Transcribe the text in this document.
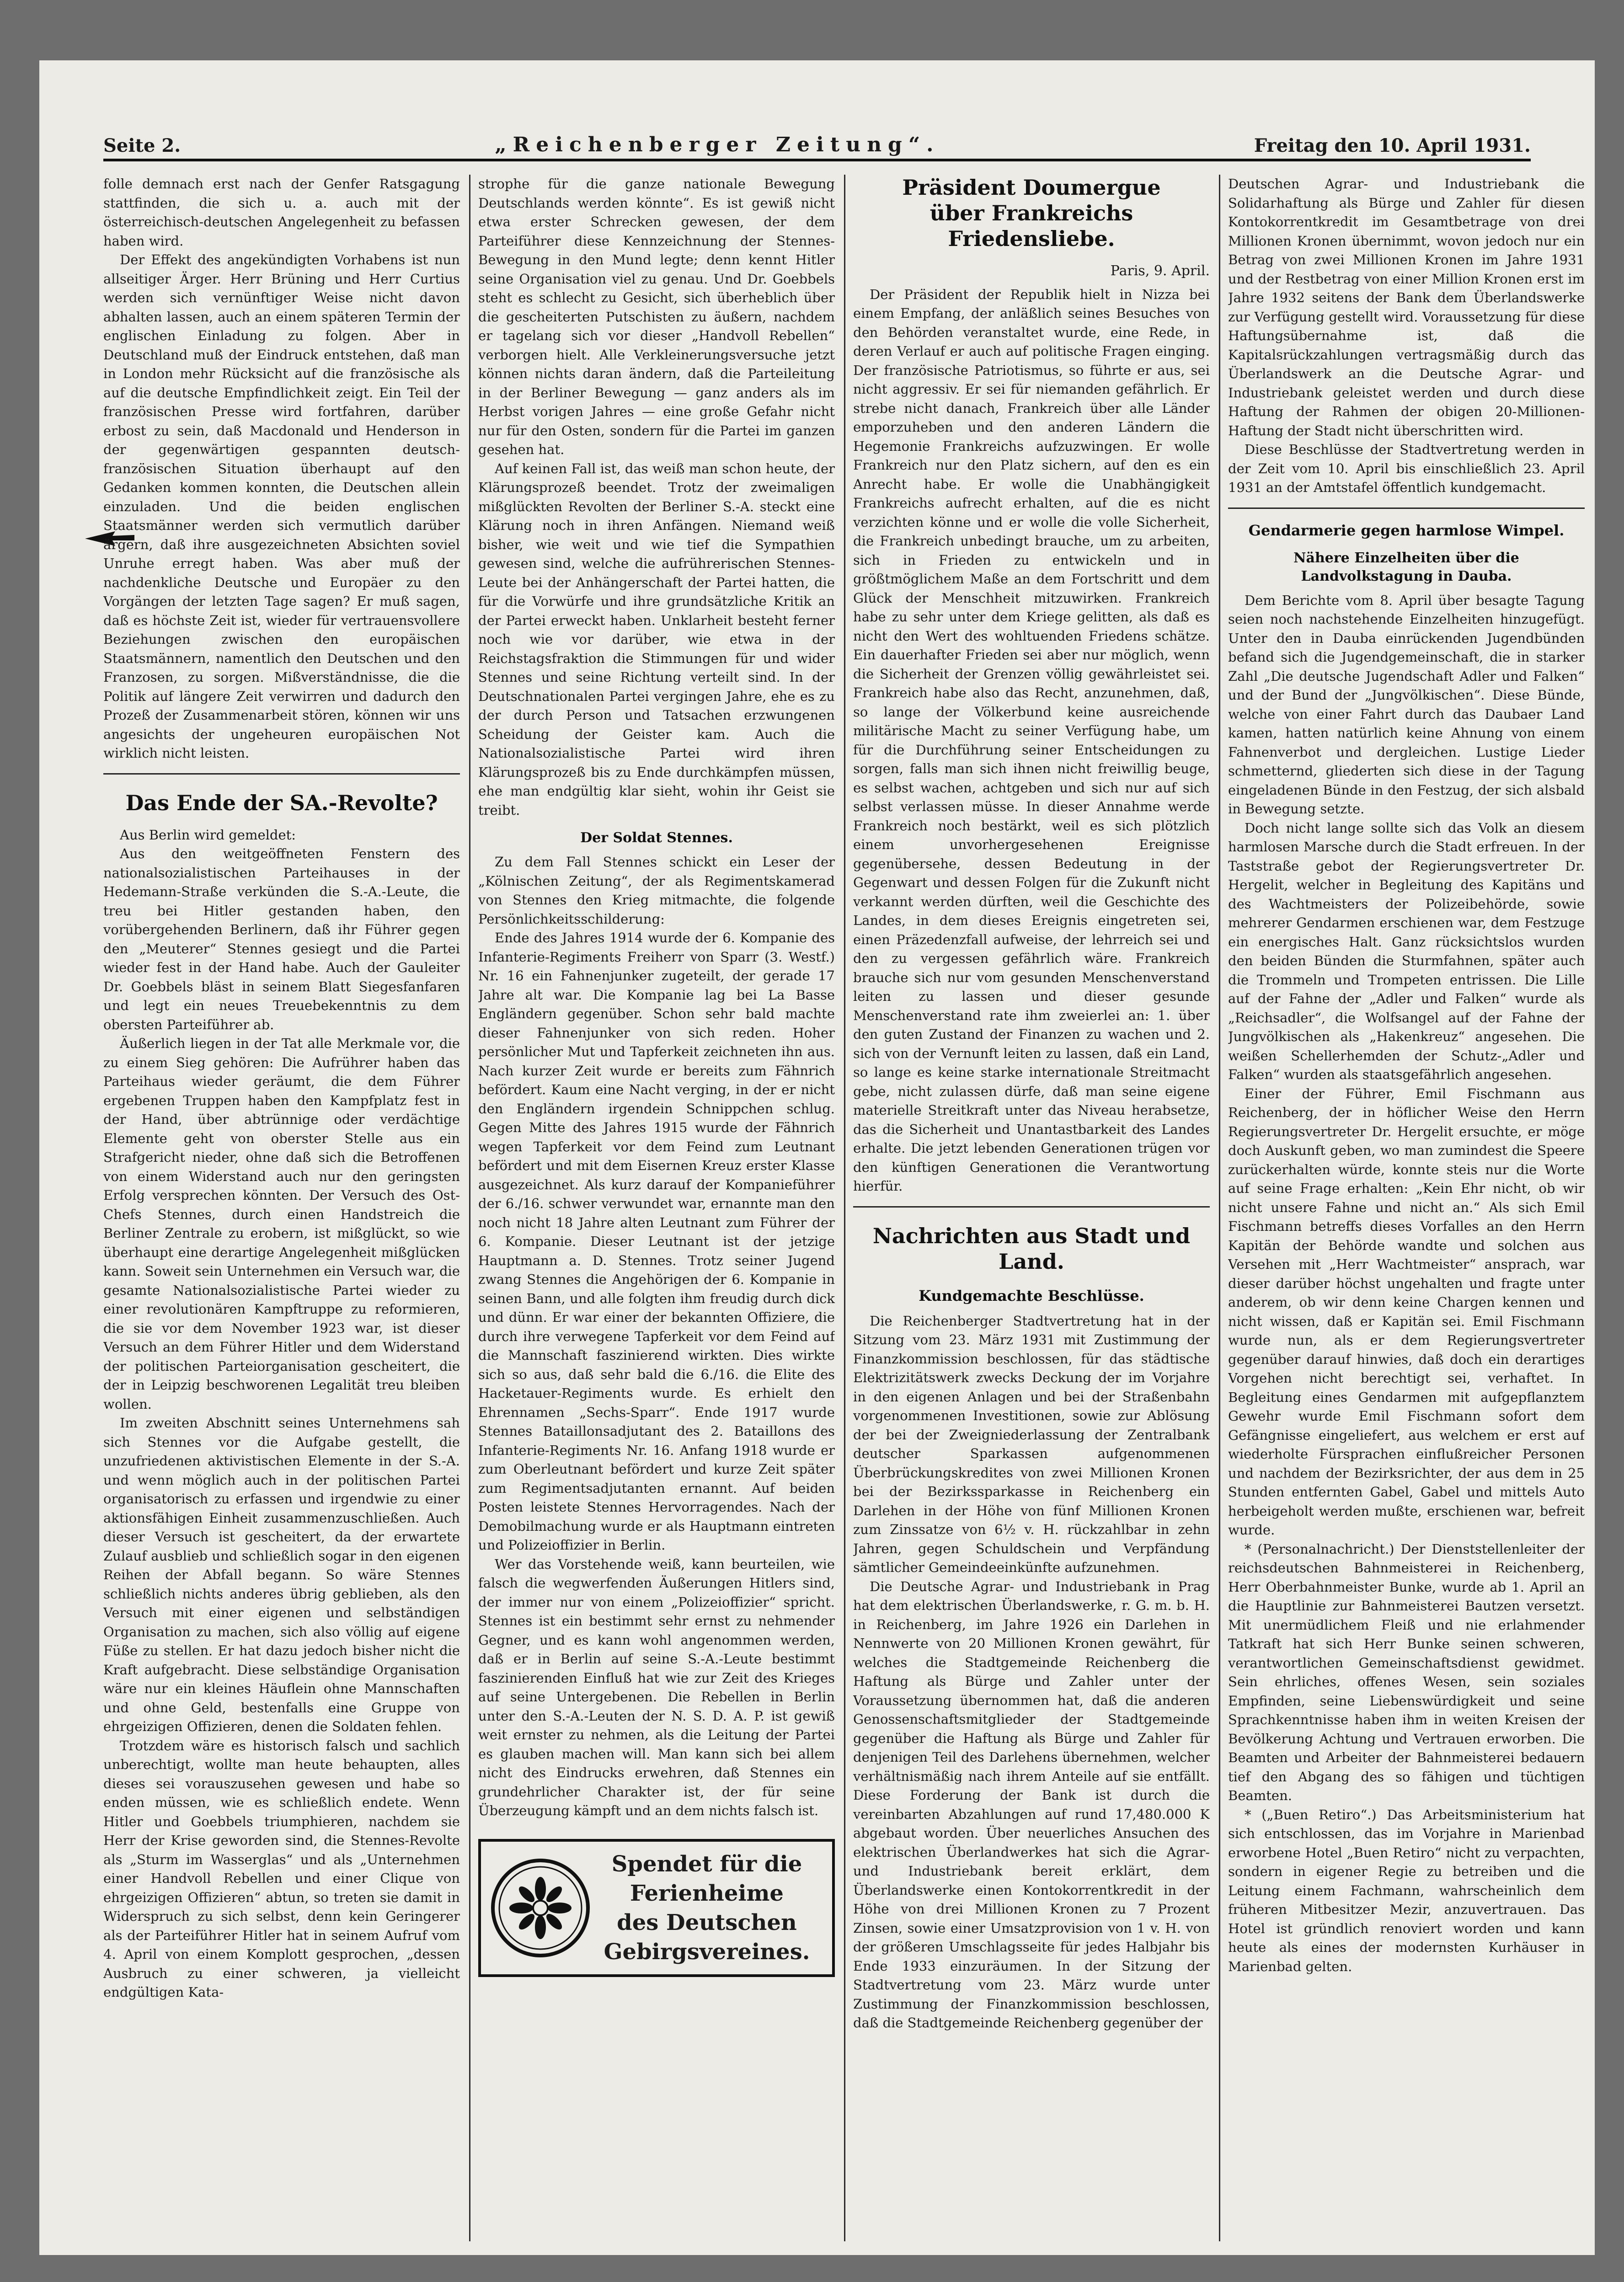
Seite 2.	„Reichenberger Zeitung“.	Freitag den 10. April 1931.

folle demnach erst nach der Genfer Ratsgagung stattfinden, die sich u. a. auch mit der österreichisch-deutschen Angelegenheit zu befassen haben wird.

Der Effekt des angekündigten Vorhabens ist nun allseitiger Ärger. Herr Brüning und Herr Curtius werden sich vernünftiger Weise nicht davon abhalten lassen, auch an einem späteren Termin der englischen Einladung zu folgen. Aber in Deutschland muß der Eindruck entstehen, daß man in London mehr Rücksicht auf die französische als auf die deutsche Empfindlichkeit zeigt. Ein Teil der französischen Presse wird fortfahren, darüber erbost zu sein, daß Macdonald und Henderson in der gegenwärtigen gespannten deutsch-französischen Situation überhaupt auf den Gedanken kommen konnten, die Deutschen allein einzuladen. Und die beiden englischen Staatsmänner werden sich vermutlich darüber ärgern, daß ihre ausgezeichneten Absichten soviel Unruhe erregt haben. Was aber muß der nachdenkliche Deutsche und Europäer zu den Vorgängen der letzten Tage sagen? Er muß sagen, daß es höchste Zeit ist, wieder für vertrauensvollere Beziehungen zwischen den europäischen Staatsmännern, namentlich den Deutschen und den Franzosen, zu sorgen. Mißverständnisse, die die Politik auf längere Zeit verwirren und dadurch den Prozeß der Zusammenarbeit stören, können wir uns angesichts der ungeheuren europäischen Not wirklich nicht leisten.

Das Ende der SA.-Revolte?

Aus Berlin wird gemeldet:

Aus den weitgeöffneten Fenstern des nationalsozialistischen Parteihauses in der Hedemann-Straße verkünden die S.-A.-Leute, die treu bei Hitler gestanden haben, den vorübergehenden Berlinern, daß ihr Führer gegen den „Meuterer“ Stennes gesiegt und die Partei wieder fest in der Hand habe. Auch der Gauleiter Dr. Goebbels bläst in seinem Blatt Siegesfanfaren und legt ein neues Treuebekenntnis zu dem obersten Parteiführer ab.

Äußerlich liegen in der Tat alle Merkmale vor, die zu einem Sieg gehören: Die Aufrührer haben das Parteihaus wieder geräumt, die dem Führer ergebenen Truppen haben den Kampfplatz fest in der Hand, über abtrünnige oder verdächtige Elemente geht von oberster Stelle aus ein Strafgericht nieder, ohne daß sich die Betroffenen von einem Widerstand auch nur den geringsten Erfolg versprechen könnten. Der Versuch des Ost-Chefs Stennes, durch einen Handstreich die Berliner Zentrale zu erobern, ist mißglückt, so wie überhaupt eine derartige Angelegenheit mißglücken kann. Soweit sein Unternehmen ein Versuch war, die gesamte Nationalsozialistische Partei wieder zu einer revolutionären Kampftruppe zu reformieren, die sie vor dem November 1923 war, ist dieser Versuch an dem Führer Hitler und dem Widerstand der politischen Parteiorganisation gescheitert, die der in Leipzig beschworenen Legalität treu bleiben wollen.

Im zweiten Abschnitt seines Unternehmens sah sich Stennes vor die Aufgabe gestellt, die unzufriedenen aktivistischen Elemente in der S.-A. und wenn möglich auch in der politischen Partei organisatorisch zu erfassen und irgendwie zu einer aktionsfähigen Einheit zusammenzuschließen. Auch dieser Versuch ist gescheitert, da der erwartete Zulauf ausblieb und schließlich sogar in den eigenen Reihen der Abfall begann. So wäre Stennes schließlich nichts anderes übrig geblieben, als den Versuch mit einer eigenen und selbständigen Organisation zu machen, sich also völlig auf eigene Füße zu stellen. Er hat dazu jedoch bisher nicht die Kraft aufgebracht. Diese selbständige Organisation wäre nur ein kleines Häuflein ohne Mannschaften und ohne Geld, bestenfalls eine Gruppe von ehrgeizigen Offizieren, denen die Soldaten fehlen.

Trotzdem wäre es historisch falsch und sachlich unberechtigt, wollte man heute behaupten, alles dieses sei vorauszusehen gewesen und habe so enden müssen, wie es schließlich endete. Wenn Hitler und Goebbels triumphieren, nachdem sie Herr der Krise geworden sind, die Stennes-Revolte als „Sturm im Wasserglas“ und als „Unternehmen einer Handvoll Rebellen und einer Clique von ehrgeizigen Offizieren“ abtun, so treten sie damit in Widerspruch zu sich selbst, denn kein Geringerer als der Parteiführer Hitler hat in seinem Aufruf vom 4. April von einem Komplott gesprochen, „dessen Ausbruch zu einer schweren, ja vielleicht endgültigen Kata-

strophe für die ganze nationale Bewegung Deutschlands werden könnte“. Es ist gewiß nicht etwa erster Schrecken gewesen, der dem Parteiführer diese Kennzeichnung der Stennes-Bewegung in den Mund legte; denn kennt Hitler seine Organisation viel zu genau. Und Dr. Goebbels steht es schlecht zu Gesicht, sich überheblich über die gescheiterten Putschisten zu äußern, nachdem er tagelang sich vor dieser „Handvoll Rebellen“ verborgen hielt. Alle Verkleinerungsversuche jetzt können nichts daran ändern, daß die Parteileitung in der Berliner Bewegung — ganz anders als im Herbst vorigen Jahres — eine große Gefahr nicht nur für den Osten, sondern für die Partei im ganzen gesehen hat.

Auf keinen Fall ist, das weiß man schon heute, der Klärungsprozeß beendet. Trotz der zweimaligen mißglückten Revolten der Berliner S.-A. steckt eine Klärung noch in ihren Anfängen. Niemand weiß bisher, wie weit und wie tief die Sympathien gewesen sind, welche die aufrührerischen Stennes-Leute bei der Anhängerschaft der Partei hatten, die für die Vorwürfe und ihre grundsätzliche Kritik an der Partei erweckt haben. Unklarheit besteht ferner noch wie vor darüber, wie etwa in der Reichstagsfraktion die Stimmungen für und wider Stennes und seine Richtung verteilt sind. In der Deutschnationalen Partei vergingen Jahre, ehe es zu der durch Person und Tatsachen erzwungenen Scheidung der Geister kam. Auch die Nationalsozialistische Partei wird ihren Klärungsprozeß bis zu Ende durchkämpfen müssen, ehe man endgültig klar sieht, wohin ihr Geist sie treibt.

Der Soldat Stennes.

Zu dem Fall Stennes schickt ein Leser der „Kölnischen Zeitung“, der als Regimentskamerad von Stennes den Krieg mitmachte, die folgende Persönlichkeitsschilderung:

Ende des Jahres 1914 wurde der 6. Kompanie des Infanterie-Regiments Freiherr von Sparr (3. Westf.) Nr. 16 ein Fahnenjunker zugeteilt, der gerade 17 Jahre alt war. Die Kompanie lag bei La Basse Engländern gegenüber. Schon sehr bald machte dieser Fahnenjunker von sich reden. Hoher persönlicher Mut und Tapferkeit zeichneten ihn aus. Nach kurzer Zeit wurde er bereits zum Fähnrich befördert. Kaum eine Nacht verging, in der er nicht den Engländern irgendein Schnippchen schlug. Gegen Mitte des Jahres 1915 wurde der Fähnrich wegen Tapferkeit vor dem Feind zum Leutnant befördert und mit dem Eisernen Kreuz erster Klasse ausgezeichnet. Als kurz darauf der Kompanieführer der 6./16. schwer verwundet war, ernannte man den noch nicht 18 Jahre alten Leutnant zum Führer der 6. Kompanie. Dieser Leutnant ist der jetzige Hauptmann a. D. Stennes. Trotz seiner Jugend zwang Stennes die Angehörigen der 6. Kompanie in seinen Bann, und alle folgten ihm freudig durch dick und dünn. Er war einer der bekannten Offiziere, die durch ihre verwegene Tapferkeit vor dem Feind auf die Mannschaft faszinierend wirkten. Dies wirkte sich so aus, daß sehr bald die 6./16. die Elite des Hacketauer-Regiments wurde. Es erhielt den Ehrennamen „Sechs-Sparr“. Ende 1917 wurde Stennes Bataillonsadjutant des 2. Bataillons des Infanterie-Regiments Nr. 16. Anfang 1918 wurde er zum Oberleutnant befördert und kurze Zeit später zum Regimentsadjutanten ernannt. Auf beiden Posten leistete Stennes Hervorragendes. Nach der Demobilmachung wurde er als Hauptmann eintreten und Polizeioffizier in Berlin.

Wer das Vorstehende weiß, kann beurteilen, wie falsch die wegwerfenden Äußerungen Hitlers sind, der immer nur von einem „Polizeioffizier“ spricht. Stennes ist ein bestimmt sehr ernst zu nehmender Gegner, und es kann wohl angenommen werden, daß er in Berlin auf seine S.-A.-Leute bestimmt faszinierenden Einfluß hat wie zur Zeit des Krieges auf seine Untergebenen. Die Rebellen in Berlin unter den S.-A.-Leuten der N. S. D. A. P. ist gewiß weit ernster zu nehmen, als die Leitung der Partei es glauben machen will. Man kann sich bei allem nicht des Eindrucks erwehren, daß Stennes ein grundehrlicher Charakter ist, der für seine Überzeugung kämpft und an dem nichts falsch ist.

Spendet für die
Ferienheime
des Deutschen
Gebirgsvereines.
Präsident Doumergue
über Frankreichs Friedensliebe.
Paris, 9. April.

Der Präsident der Republik hielt in Nizza bei einem Empfang, der anläßlich seines Besuches von den Behörden veranstaltet wurde, eine Rede, in deren Verlauf er auch auf politische Fragen einging. Der französische Patriotismus, so führte er aus, sei nicht aggressiv. Er sei für niemanden gefährlich. Er strebe nicht danach, Frankreich über alle Länder emporzuheben und den anderen Ländern die Hegemonie Frankreichs aufzuzwingen. Er wolle Frankreich nur den Platz sichern, auf den es ein Anrecht habe. Er wolle die Unabhängigkeit Frankreichs aufrecht erhalten, auf die es nicht verzichten könne und er wolle die volle Sicherheit, die Frankreich unbedingt brauche, um zu arbeiten, sich in Frieden zu entwickeln und in größtmöglichem Maße an dem Fortschritt und dem Glück der Menschheit mitzuwirken. Frankreich habe zu sehr unter dem Kriege gelitten, als daß es nicht den Wert des wohltuenden Friedens schätze. Ein dauerhafter Frieden sei aber nur möglich, wenn die Sicherheit der Grenzen völlig gewährleistet sei. Frankreich habe also das Recht, anzunehmen, daß, so lange der Völkerbund keine ausreichende militärische Macht zu seiner Verfügung habe, um für die Durchführung seiner Entscheidungen zu sorgen, falls man sich ihnen nicht freiwillig beuge, es selbst wachen, achtgeben und sich nur auf sich selbst verlassen müsse. In dieser Annahme werde Frankreich noch bestärkt, weil es sich plötzlich einem unvorhergesehenen Ereignisse gegenübersehe, dessen Bedeutung in der Gegenwart und dessen Folgen für die Zukunft nicht verkannt werden dürften, weil die Geschichte des Landes, in dem dieses Ereignis eingetreten sei, einen Präzedenzfall aufweise, der lehrreich sei und den zu vergessen gefährlich wäre. Frankreich brauche sich nur vom gesunden Menschenverstand leiten zu lassen und dieser gesunde Menschenverstand rate ihm zweierlei an: 1. über den guten Zustand der Finanzen zu wachen und 2. sich von der Vernunft leiten zu lassen, daß ein Land, so lange es keine starke internationale Streitmacht gebe, nicht zulassen dürfe, daß man seine eigene materielle Streitkraft unter das Niveau herabsetze, das die Sicherheit und Unantastbarkeit des Landes erhalte. Die jetzt lebenden Generationen trügen vor den künftigen Generationen die Verantwortung hierfür.

Nachrichten aus Stadt und Land.
Kundgemachte Beschlüsse.

Die Reichenberger Stadtvertretung hat in der Sitzung vom 23. März 1931 mit Zustimmung der Finanzkommission beschlossen, für das städtische Elektrizitätswerk zwecks Deckung der im Vorjahre in den eigenen Anlagen und bei der Straßenbahn vorgenommenen Investitionen, sowie zur Ablösung der bei der Zweigniederlassung der Zentralbank deutscher Sparkassen aufgenommenen Überbrückungskredites von zwei Millionen Kronen bei der Bezirkssparkasse in Reichenberg ein Darlehen in der Höhe von fünf Millionen Kronen zum Zinssatze von 6½ v. H. rückzahlbar in zehn Jahren, gegen Schuldschein und Verpfändung sämtlicher Gemeindeeinkünfte aufzunehmen.

Die Deutsche Agrar- und Industriebank in Prag hat dem elektrischen Überlandswerke, r. G. m. b. H. in Reichenberg, im Jahre 1926 ein Darlehen in Nennwerte von 20 Millionen Kronen gewährt, für welches die Stadtgemeinde Reichenberg die Haftung als Bürge und Zahler unter der Voraussetzung übernommen hat, daß die anderen Genossenschaftsmitglieder der Stadtgemeinde gegenüber die Haftung als Bürge und Zahler für denjenigen Teil des Darlehens übernehmen, welcher verhältnismäßig nach ihrem Anteile auf sie entfällt. Diese Forderung der Bank ist durch die vereinbarten Abzahlungen auf rund 17,480.000 K abgebaut worden. Über neuerliches Ansuchen des elektrischen Überlandwerkes hat sich die Agrar- und Industriebank bereit erklärt, dem Überlandswerke einen Kontokorrentkredit in der Höhe von drei Millionen Kronen zu 7 Prozent Zinsen, sowie einer Umsatzprovision von 1 v. H. von der größeren Umschlagsseite für jedes Halbjahr bis Ende 1933 einzuräumen. In der Sitzung der Stadtvertretung vom 23. März wurde unter Zustimmung der Finanzkommission beschlossen, daß die Stadtgemeinde Reichenberg gegenüber der

Deutschen Agrar- und Industriebank die Solidarhaftung als Bürge und Zahler für diesen Kontokorrentkredit im Gesamtbetrage von drei Millionen Kronen übernimmt, wovon jedoch nur ein Betrag von zwei Millionen Kronen im Jahre 1931 und der Restbetrag von einer Million Kronen erst im Jahre 1932 seitens der Bank dem Überlandswerke zur Verfügung gestellt wird. Voraussetzung für diese Haftungsübernahme ist, daß die Kapitalsrückzahlungen vertragsmäßig durch das Überlandswerk an die Deutsche Agrar- und Industriebank geleistet werden und durch diese Haftung der Rahmen der obigen 20-Millionen-Haftung der Stadt nicht überschritten wird.

Diese Beschlüsse der Stadtvertretung werden in der Zeit vom 10. April bis einschließlich 23. April 1931 an der Amtstafel öffentlich kundgemacht.

Gendarmerie gegen harmlose Wimpel.
Nähere Einzelheiten über die Landvolkstagung in Dauba.

Dem Berichte vom 8. April über besagte Tagung seien noch nachstehende Einzelheiten hinzugefügt. Unter den in Dauba einrückenden Jugendbünden befand sich die Jugendgemeinschaft, die in starker Zahl „Die deutsche Jugendschaft Adler und Falken“ und der Bund der „Jungvölkischen“. Diese Bünde, welche von einer Fahrt durch das Daubaer Land kamen, hatten natürlich keine Ahnung von einem Fahnenverbot und dergleichen. Lustige Lieder schmetternd, gliederten sich diese in der Tagung eingeladenen Bünde in den Festzug, der sich alsbald in Bewegung setzte.

Doch nicht lange sollte sich das Volk an diesem harmlosen Marsche durch die Stadt erfreuen. In der Taststraße gebot der Regierungsvertreter Dr. Hergelit, welcher in Begleitung des Kapitäns und des Wachtmeisters der Polizeibehörde, sowie mehrerer Gendarmen erschienen war, dem Festzuge ein energisches Halt. Ganz rücksichtslos wurden den beiden Bünden die Sturmfahnen, später auch die Trommeln und Trompeten entrissen. Die Lille auf der Fahne der „Adler und Falken“ wurde als „Reichsadler“, die Wolfsangel auf der Fahne der Jungvölkischen als „Hakenkreuz“ angesehen. Die weißen Schellerhemden der Schutz-„Adler und Falken“ wurden als staatsgefährlich angesehen.

Einer der Führer, Emil Fischmann aus Reichenberg, der in höflicher Weise den Herrn Regierungsvertreter Dr. Hergelit ersuchte, er möge doch Auskunft geben, wo man zumindest die Speere zurückerhalten würde, konnte steis nur die Worte auf seine Frage erhalten: „Kein Ehr nicht, ob wir nicht unsere Fahne und nicht an.“ Als sich Emil Fischmann betreffs dieses Vorfalles an den Herrn Kapitän der Behörde wandte und solchen aus Versehen mit „Herr Wachtmeister“ ansprach, war dieser darüber höchst ungehalten und fragte unter anderem, ob wir denn keine Chargen kennen und nicht wissen, daß er Kapitän sei. Emil Fischmann wurde nun, als er dem Regierungsvertreter gegenüber darauf hinwies, daß doch ein derartiges Vorgehen nicht berechtigt sei, verhaftet. In Begleitung eines Gendarmen mit aufgepflanztem Gewehr wurde Emil Fischmann sofort dem Gefängnisse eingeliefert, aus welchem er erst auf wiederholte Fürsprachen einflußreicher Personen und nachdem der Bezirksrichter, der aus dem in 25 Stunden entfernten Gabel, Gabel und mittels Auto herbeigeholt werden mußte, erschienen war, befreit wurde.

* (Personalnachricht.) Der Dienststellenleiter der reichsdeutschen Bahnmeisterei in Reichenberg, Herr Oberbahnmeister Bunke, wurde ab 1. April an die Hauptlinie zur Bahnmeisterei Bautzen versetzt. Mit unermüdlichem Fleiß und nie erlahmender Tatkraft hat sich Herr Bunke seinen schweren, verantwortlichen Gemeinschaftsdienst gewidmet. Sein ehrliches, offenes Wesen, sein soziales Empfinden, seine Liebenswürdigkeit und seine Sprachkenntnisse haben ihm in weiten Kreisen der Bevölkerung Achtung und Vertrauen erworben. Die Beamten und Arbeiter der Bahnmeisterei bedauern tief den Abgang des so fähigen und tüchtigen Beamten.

* („Buen Retiro“.) Das Arbeitsministerium hat sich entschlossen, das im Vorjahre in Marienbad erworbene Hotel „Buen Retiro“ nicht zu verpachten, sondern in eigener Regie zu betreiben und die Leitung einem Fachmann, wahrscheinlich dem früheren Mitbesitzer Mezir, anzuvertrauen. Das Hotel ist gründlich renoviert worden und kann heute als eines der modernsten Kurhäuser in Marienbad gelten.
